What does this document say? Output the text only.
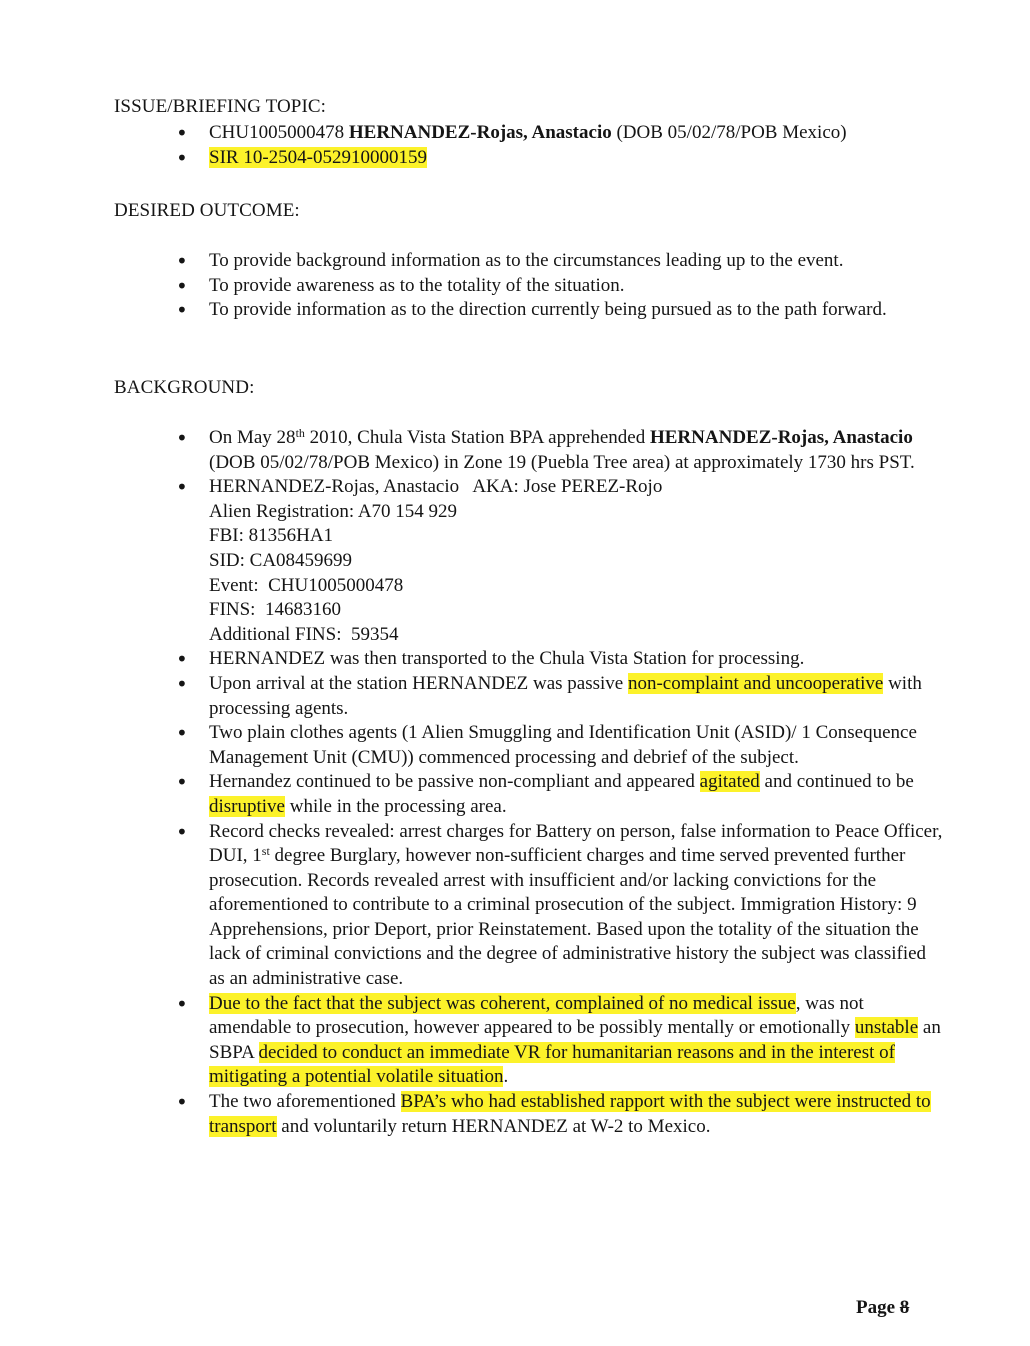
ISSUE/BRIEFING TOPIC:
• CHU1005000478 HERNANDEZ-Rojas, Anastacio (DOB 05/02/78/POB Mexico)
• SIR 10-2504-052910000159
DESIRED OUTCOME:
• To provide background information as to the circumstances leading up to the event.
• To provide awareness as to the totality of the situation.
• To provide information as to the direction currently being pursued as to the path forward.
BACKGROUND:
• On May 28th 2010, Chula Vista Station BPA apprehended HERNANDEZ-Rojas, Anastacio (DOB 05/02/78/POB Mexico) in Zone 19 (Puebla Tree area) at approximately 1730 hrs PST.
• HERNANDEZ-Rojas, Anastacio   AKA: Jose PEREZ-Rojo
Alien Registration: A70 154 929
FBI: 81356HA1
SID: CA08459699
Event:  CHU1005000478
FINS:  14683160
Additional FINS:  59354
• HERNANDEZ was then transported to the Chula Vista Station for processing.
• Upon arrival at the station HERNANDEZ was passive non-complaint and uncooperative with processing agents.
• Two plain clothes agents (1 Alien Smuggling and Identification Unit (ASID)/ 1 Consequence Management Unit (CMU)) commenced processing and debrief of the subject.
• Hernandez continued to be passive non-compliant and appeared agitated and continued to be disruptive while in the processing area.
• Record checks revealed: arrest charges for Battery on person, false information to Peace Officer, DUI, 1st degree Burglary, however non-sufficient charges and time served prevented further prosecution. Records revealed arrest with insufficient and/or lacking convictions for the aforementioned to contribute to a criminal prosecution of the subject. Immigration History: 9 Apprehensions, prior Deport, prior Reinstatement. Based upon the totality of the situation the lack of criminal convictions and the degree of administrative history the subject was classified as an administrative case.
• Due to the fact that the subject was coherent, complained of no medical issue, was not amendable to prosecution, however appeared to be possibly mentally or emotionally unstable an SBPA decided to conduct an immediate VR for humanitarian reasons and in the interest of mitigating a potential volatile situation.
• The two aforementioned BPA’s who had established rapport with the subject were instructed to transport and voluntarily return HERNANDEZ at W-2 to Mexico.
Page 8
